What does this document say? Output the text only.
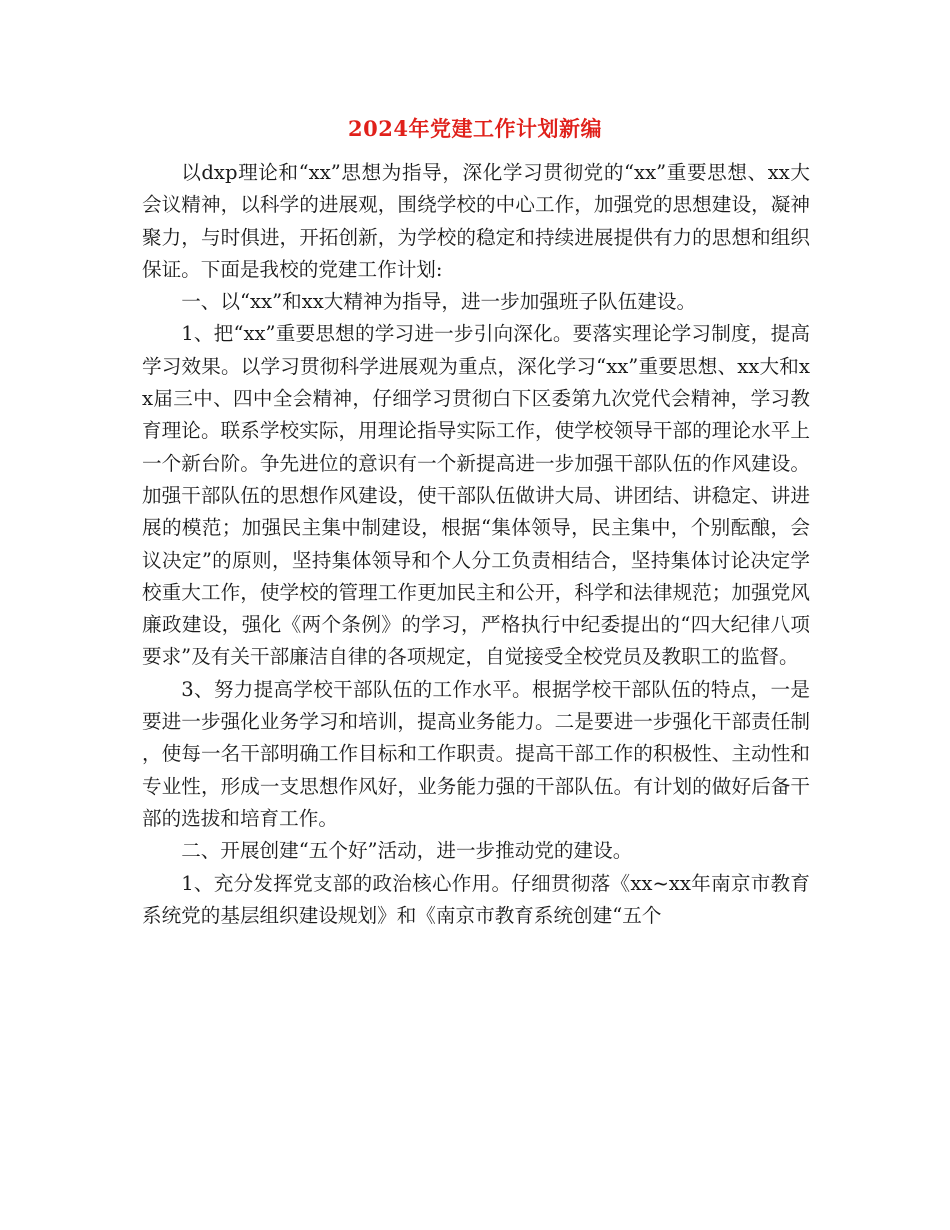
2024年党建工作计划新编

以dxp理论和“xx”思想为指导，深化学习贯彻党的“xx”重要思想、xx大会议精神，以科学的进展观，围绕学校的中心工作，加强党的思想建设，凝神聚力，与时俱进，开拓创新，为学校的稳定和持续进展提供有力的思想和组织保证。下面是我校的党建工作计划:

一、以“xx”和xx大精神为指导，进一步加强班子队伍建设。

1、把“xx”重要思想的学习进一步引向深化。要落实理论学习制度，提高学习效果。以学习贯彻科学进展观为重点，深化学习“xx”重要思想、xx大和xx届三中、四中全会精神，仔细学习贯彻白下区委第九次党代会精神，学习教育理论。联系学校实际，用理论指导实际工作，使学校领导干部的理论水平上一个新台阶。争先进位的意识有一个新提高进一步加强干部队伍的作风建设。加强干部队伍的思想作风建设，使干部队伍做讲大局、讲团结、讲稳定、讲进展的模范；加强民主集中制建设，根据“集体领导，民主集中，个别酝酿，会议决定”的原则，坚持集体领导和个人分工负责相结合，坚持集体讨论决定学校重大工作，使学校的管理工作更加民主和公开，科学和法律规范；加强党风廉政建设，强化《两个条例》的学习，严格执行中纪委提出的“四大纪律八项要求”及有关干部廉洁自律的各项规定，自觉接受全校党员及教职工的监督。

3、努力提高学校干部队伍的工作水平。根据学校干部队伍的特点，一是要进一步强化业务学习和培训，提高业务能力。二是要进一步强化干部责任制，使每一名干部明确工作目标和工作职责。提高干部工作的积极性、主动性和专业性，形成一支思想作风好，业务能力强的干部队伍。有计划的做好后备干部的选拔和培育工作。

二、开展创建“五个好”活动，进一步推动党的建设。

1、充分发挥党支部的政治核心作用。仔细贯彻落《xx~xx年南京市教育系统党的基层组织建设规划》和《南京市教育系统创建“五个
